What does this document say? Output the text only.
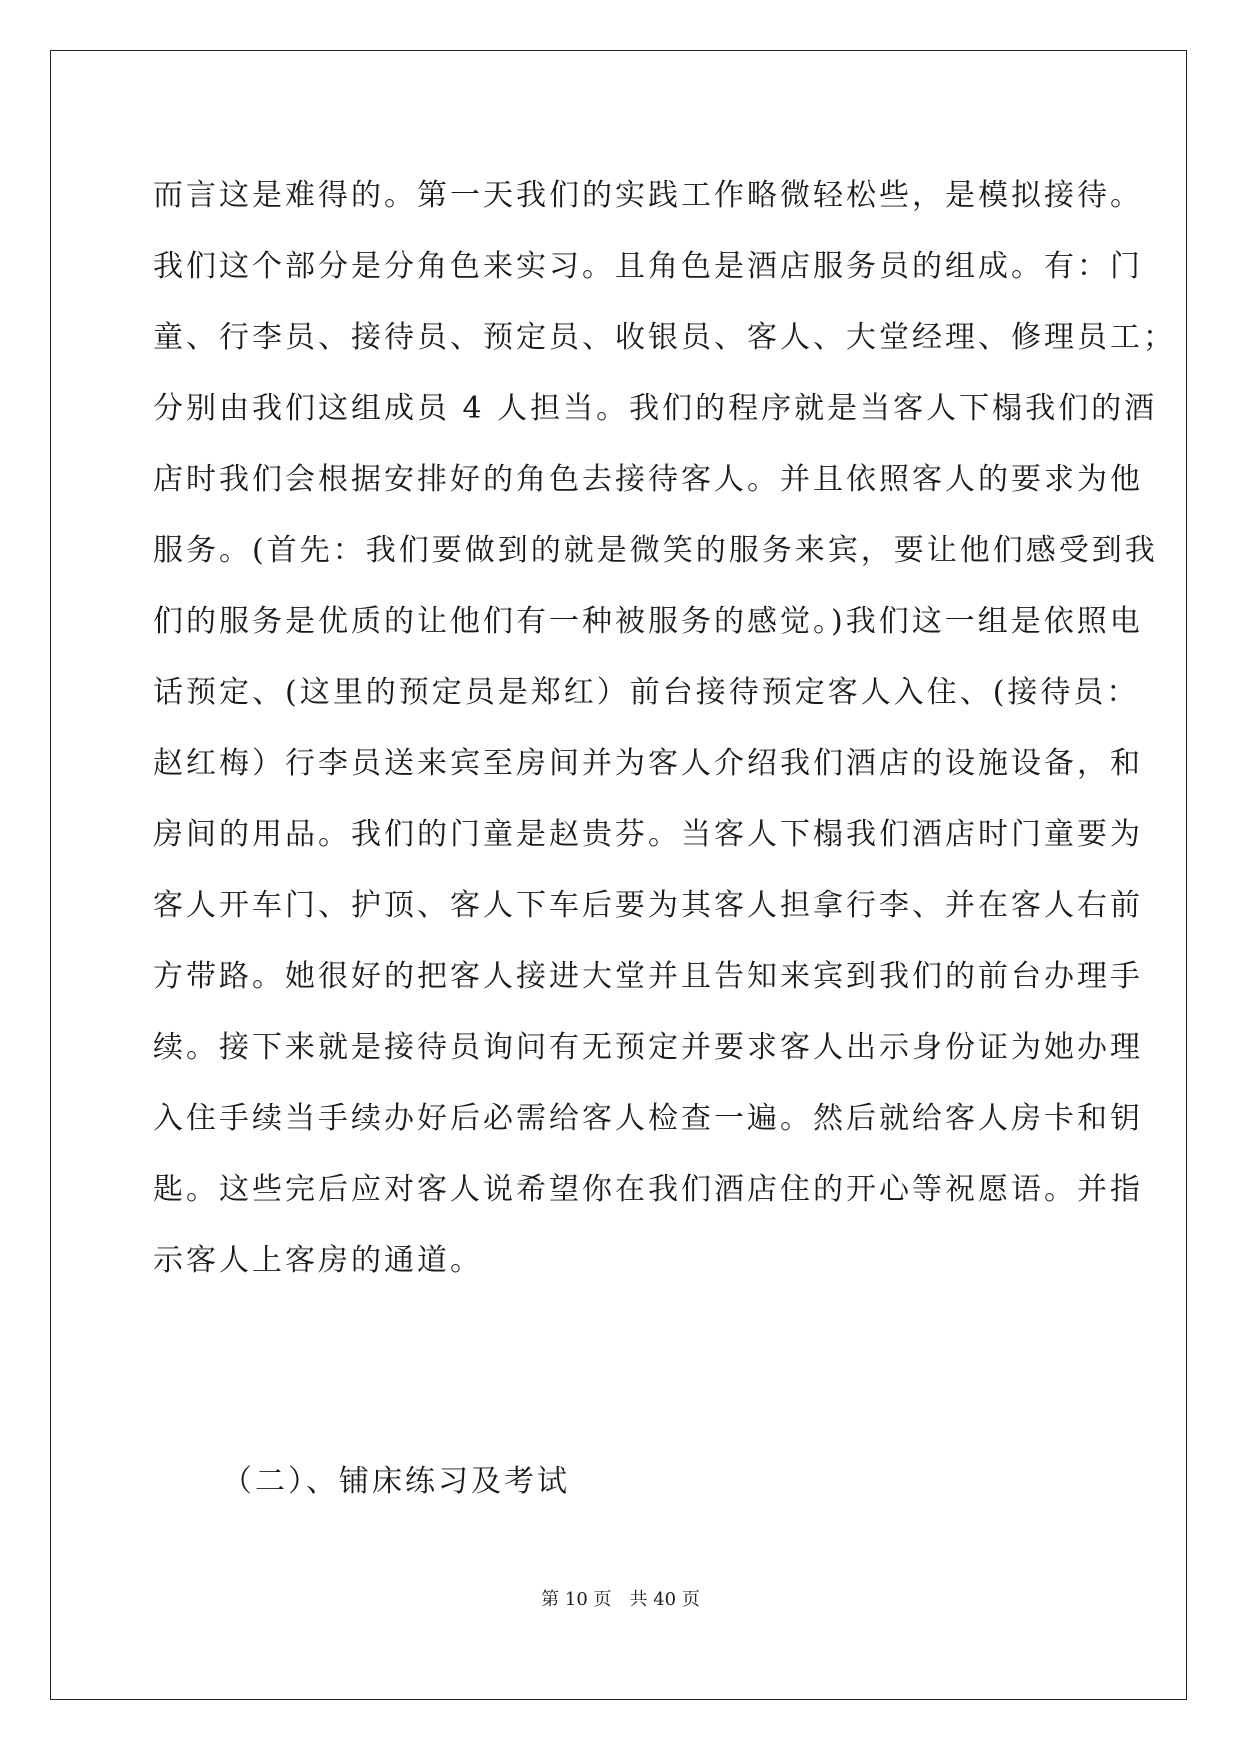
而言这是难得的。第一天我们的实践工作略微轻松些，是模拟接待。
我们这个部分是分角色来实习。且角色是酒店服务员的组成。有：门
童、行李员、接待员、预定员、收银员、客人、大堂经理、修理员工；
分别由我们这组成员 4 人担当。我们的程序就是当客人下榻我们的酒
店时我们会根据安排好的角色去接待客人。并且依照客人的要求为他
服务。(首先：我们要做到的就是微笑的服务来宾，要让他们感受到我
们的服务是优质的让他们有一种被服务的感觉。)我们这一组是依照电
话预定、(这里的预定员是郑红）前台接待预定客人入住、(接待员：
赵红梅）行李员送来宾至房间并为客人介绍我们酒店的设施设备，和
房间的用品。我们的门童是赵贵芬。当客人下榻我们酒店时门童要为
客人开车门、护顶、客人下车后要为其客人担拿行李、并在客人右前
方带路。她很好的把客人接进大堂并且告知来宾到我们的前台办理手
续。接下来就是接待员询问有无预定并要求客人出示身份证为她办理
入住手续当手续办好后必需给客人检查一遍。然后就给客人房卡和钥
匙。这些完后应对客人说希望你在我们酒店住的开心等祝愿语。并指
示客人上客房的通道。
（二）、铺床练习及考试
第 10 页　共 40 页
